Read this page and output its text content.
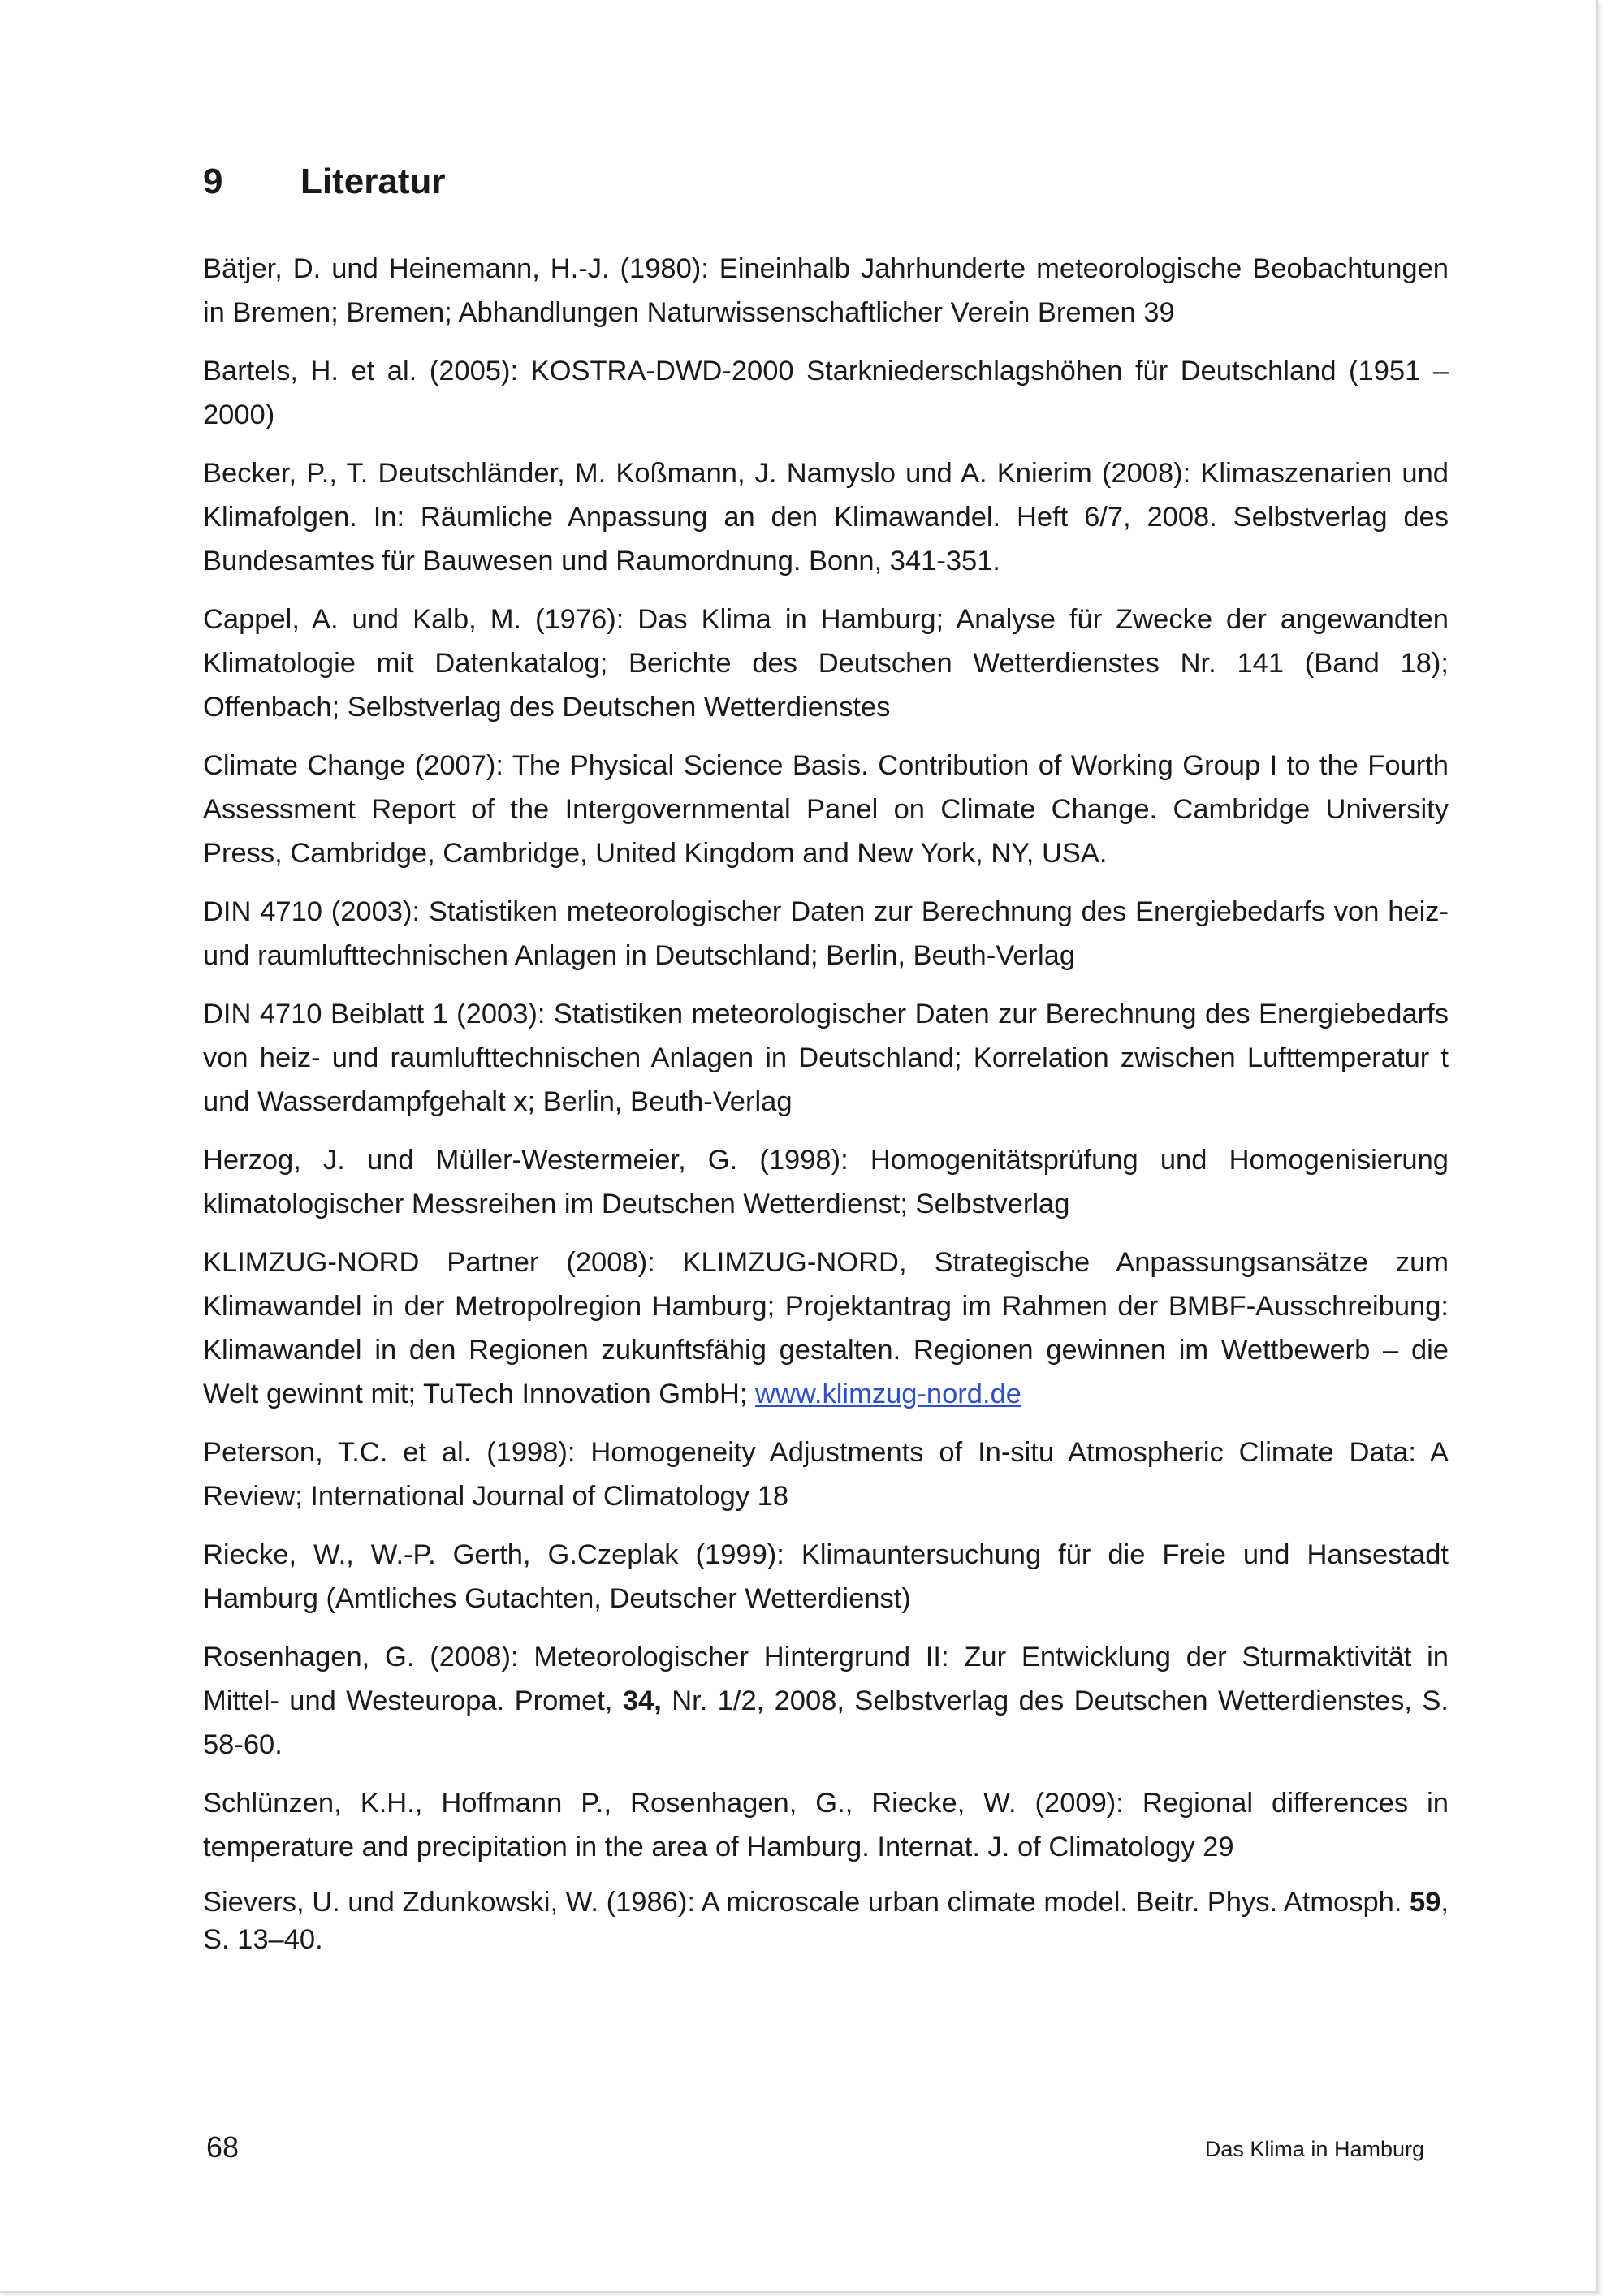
9 Literatur

Bätjer, D. und Heinemann, H.-J. (1980): Eineinhalb Jahrhunderte meteorologische Beobachtungen in Bremen; Bremen; Abhandlungen Naturwissenschaftlicher Verein Bremen 39

Bartels, H. et al. (2005): KOSTRA-DWD-2000 Starkniederschlagshöhen für Deutschland (1951 – 2000)

Becker, P., T. Deutschländer, M. Koßmann, J. Namyslo und A. Knierim (2008): Klimaszenarien und Klimafolgen. In: Räumliche Anpassung an den Klimawandel. Heft 6/7, 2008. Selbstverlag des Bundesamtes für Bauwesen und Raumordnung. Bonn, 341-351.

Cappel, A. und Kalb, M. (1976): Das Klima in Hamburg; Analyse für Zwecke der angewandten Klimatologie mit Datenkatalog; Berichte des Deutschen Wetterdienstes Nr. 141 (Band 18); Offenbach; Selbstverlag des Deutschen Wetterdienstes

Climate Change (2007): The Physical Science Basis. Contribution of Working Group I to the Fourth Assessment Report of the Intergovernmental Panel on Climate Change. Cambridge University Press, Cambridge, Cambridge, United Kingdom and New York, NY, USA.

DIN 4710 (2003): Statistiken meteorologischer Daten zur Berechnung des Energiebedarfs von heiz- und raumlufttechnischen Anlagen in Deutschland; Berlin, Beuth-Verlag

DIN 4710 Beiblatt 1 (2003): Statistiken meteorologischer Daten zur Berechnung des Energiebedarfs von heiz- und raumlufttechnischen Anlagen in Deutschland; Korrelation zwischen Lufttemperatur t und Wasserdampfgehalt x; Berlin, Beuth-Verlag

Herzog, J. und Müller-Westermeier, G. (1998): Homogenitätsprüfung und Homogenisierung klimatologischer Messreihen im Deutschen Wetterdienst; Selbstverlag

KLIMZUG-NORD Partner (2008): KLIMZUG-NORD, Strategische Anpassungsansätze zum Klimawandel in der Metropolregion Hamburg; Projektantrag im Rahmen der BMBF-Ausschreibung: Klimawandel in den Regionen zukunftsfähig gestalten. Regionen gewinnen im Wettbewerb – die Welt gewinnt mit; TuTech Innovation GmbH; www.klimzug-nord.de

Peterson, T.C. et al. (1998): Homogeneity Adjustments of In-situ Atmospheric Climate Data: A Review; International Journal of Climatology 18

Riecke, W., W.-P. Gerth, G.Czeplak (1999): Klimauntersuchung für die Freie und Hansestadt Hamburg (Amtliches Gutachten, Deutscher Wetterdienst)

Rosenhagen, G. (2008): Meteorologischer Hintergrund II: Zur Entwicklung der Sturmaktivität in Mittel- und Westeuropa. Promet, 34, Nr. 1/2, 2008, Selbstverlag des Deutschen Wetterdienstes, S. 58-60.

Schlünzen, K.H., Hoffmann P., Rosenhagen, G., Riecke, W. (2009): Regional differences in temperature and precipitation in the area of Hamburg. Internat. J. of Climatology 29

Sievers, U. und Zdunkowski, W. (1986): A microscale urban climate model. Beitr. Phys. Atmosph. 59, S. 13–40.

68	Das Klima in Hamburg
